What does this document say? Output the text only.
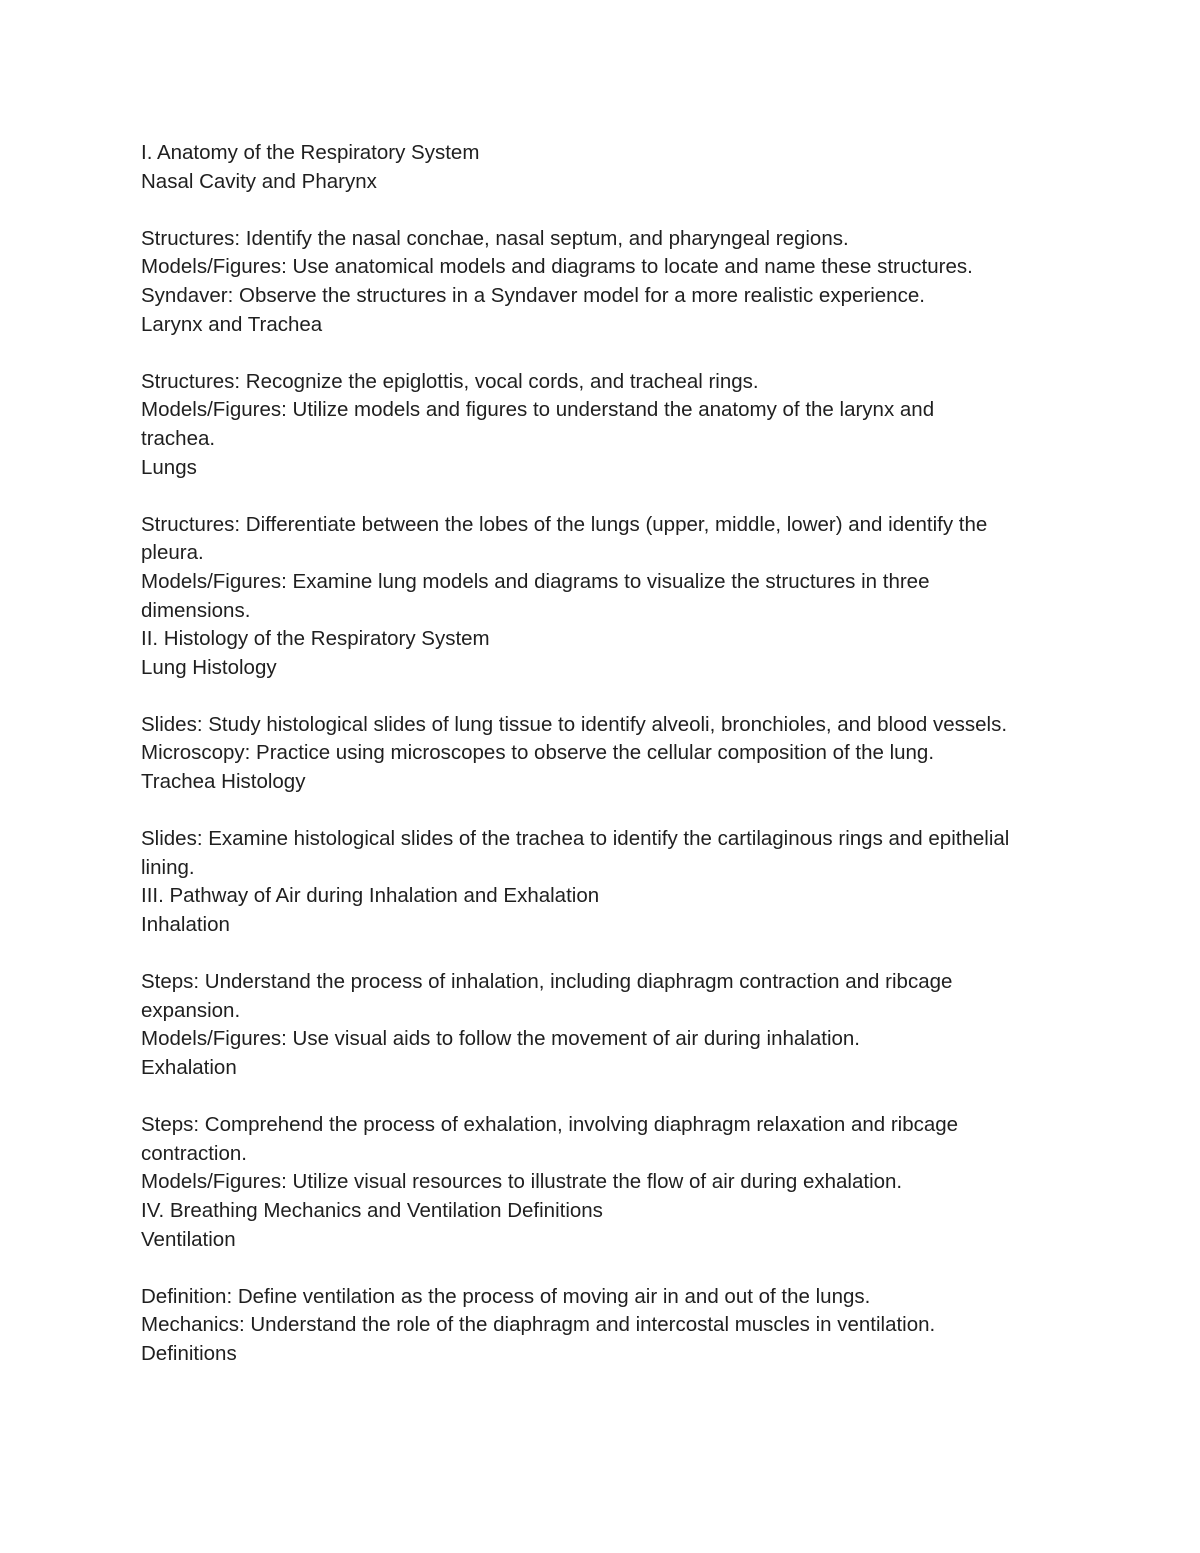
I. Anatomy of the Respiratory System
Nasal Cavity and Pharynx
Structures: Identify the nasal conchae, nasal septum, and pharyngeal regions.
Models/Figures: Use anatomical models and diagrams to locate and name these structures.
Syndaver: Observe the structures in a Syndaver model for a more realistic experience.
Larynx and Trachea
Structures: Recognize the epiglottis, vocal cords, and tracheal rings.
Models/Figures: Utilize models and figures to understand the anatomy of the larynx and
trachea.
Lungs
Structures: Differentiate between the lobes of the lungs (upper, middle, lower) and identify the
pleura.
Models/Figures: Examine lung models and diagrams to visualize the structures in three
dimensions.
II. Histology of the Respiratory System
Lung Histology
Slides: Study histological slides of lung tissue to identify alveoli, bronchioles, and blood vessels.
Microscopy: Practice using microscopes to observe the cellular composition of the lung.
Trachea Histology
Slides: Examine histological slides of the trachea to identify the cartilaginous rings and epithelial
lining.
III. Pathway of Air during Inhalation and Exhalation
Inhalation
Steps: Understand the process of inhalation, including diaphragm contraction and ribcage
expansion.
Models/Figures: Use visual aids to follow the movement of air during inhalation.
Exhalation
Steps: Comprehend the process of exhalation, involving diaphragm relaxation and ribcage
contraction.
Models/Figures: Utilize visual resources to illustrate the flow of air during exhalation.
IV. Breathing Mechanics and Ventilation Definitions
Ventilation
Definition: Define ventilation as the process of moving air in and out of the lungs.
Mechanics: Understand the role of the diaphragm and intercostal muscles in ventilation.
Definitions
